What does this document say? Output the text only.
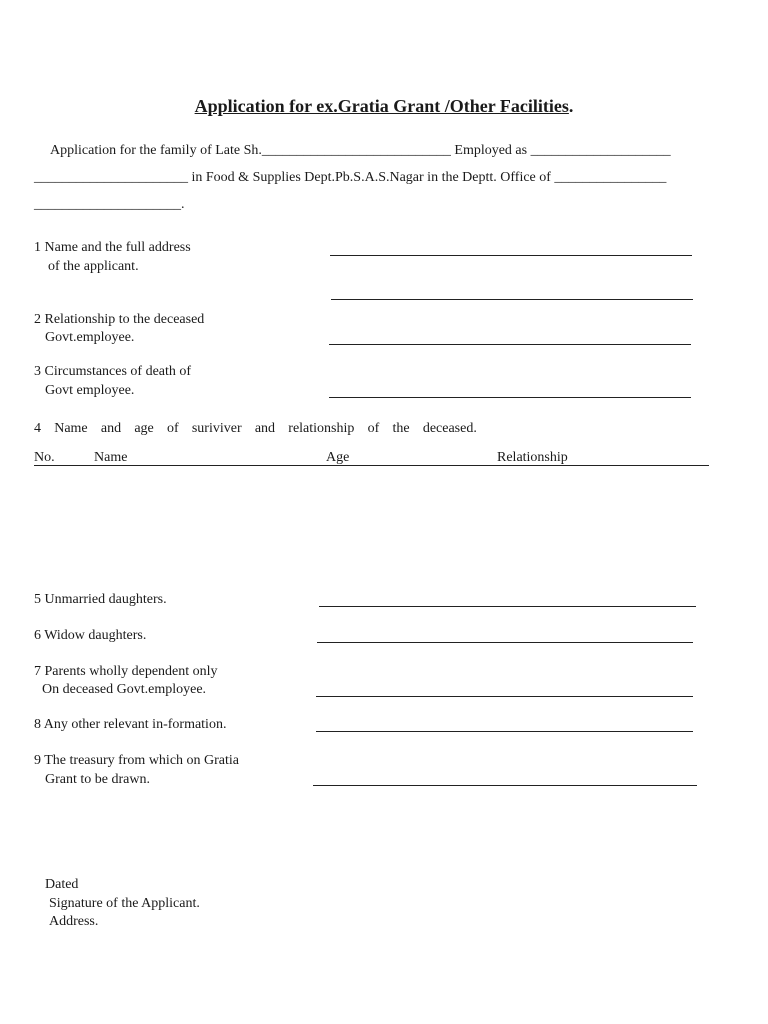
Application for ex.Gratia Grant /Other Facilities.
Application for the family of Late Sh.___________________________ Employed as ____________________
______________________ in Food & Supplies Dept.Pb.S.A.S.Nagar in the Deptt. Office of ________________
_____________________.
1 Name and the full address
of the applicant.
2 Relationship to the deceased
Govt.employee.
3 Circumstances of death of
Govt employee.
4 Name and age of suriviver and relationship of the deceased.
No.	Name	Age	Relationship
5 Unmarried daughters.
6 Widow daughters.
7 Parents wholly dependent only
On deceased Govt.employee.
8 Any other relevant in-formation.
9 The treasury from which on Gratia
Grant to be drawn.
Dated
Signature of the Applicant.
Address.
